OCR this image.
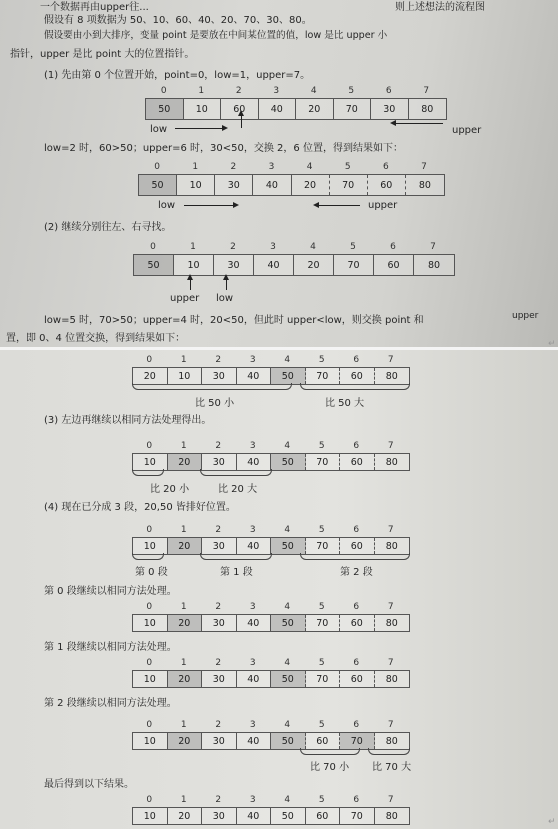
一个数据再由upper往...	则上述想法的流程图
假设有 8 项数据为 50、10、60、40、20、70、30、80。
假设要由小到大排序，变量 point 是要放在中间某位置的值，low 是比 upper 小
指针，upper 是比 point 大的位置指针。
(1) 先由第 0 个位置开始，point=0，low=1，upper=7。
0	1	2	3	4	5	6	7
50	10	60	40	20	70	30	80
low	upper
low=2 时，60>50；upper=6 时，30<50，交换 2，6 位置，得到结果如下：
0	1	2	3	4	5	6	7
50	10	30	40	20	70	60	80
low	upper
(2) 继续分别往左、右寻找。
0	1	2	3	4	5	6	7
50	10	30	40	20	70	60	80
upper low
low=5 时，70>50；upper=4 时，20<50，但此时 upper<low，则交换 point 和	upper
置，即 0、4 位置交换，得到结果如下：	↵
0	1	2	3	4	5	6	7
20	10	30	40	50	70	60	80
比 50 小	比 50 大
(3) 左边再继续以相同方法处理得出。
0	1	2	3	4	5	6	7
10	20	30	40	50	70	60	80
比 20 小	比 20 大
(4) 现在已分成 3 段，20,50 皆排好位置。
0	1	2	3	4	5	6	7
10	20	30	40	50	70	60	80
第 0 段	第 1 段	第 2 段
第 0 段继续以相同方法处理。
0	1	2	3	4	5	6	7
10	20	30	40	50	70	60	80
第 1 段继续以相同方法处理。
0	1	2	3	4	5	6	7
10	20	30	40	50	70	60	80
第 2 段继续以相同方法处理。
0	1	2	3	4	5	6	7
10	20	30	40	50	60	70	80
比 70 小 比 70 大
最后得到以下结果。
0	1	2	3	4	5	6	7
10	20	30	40	50	60	70	80
↵
